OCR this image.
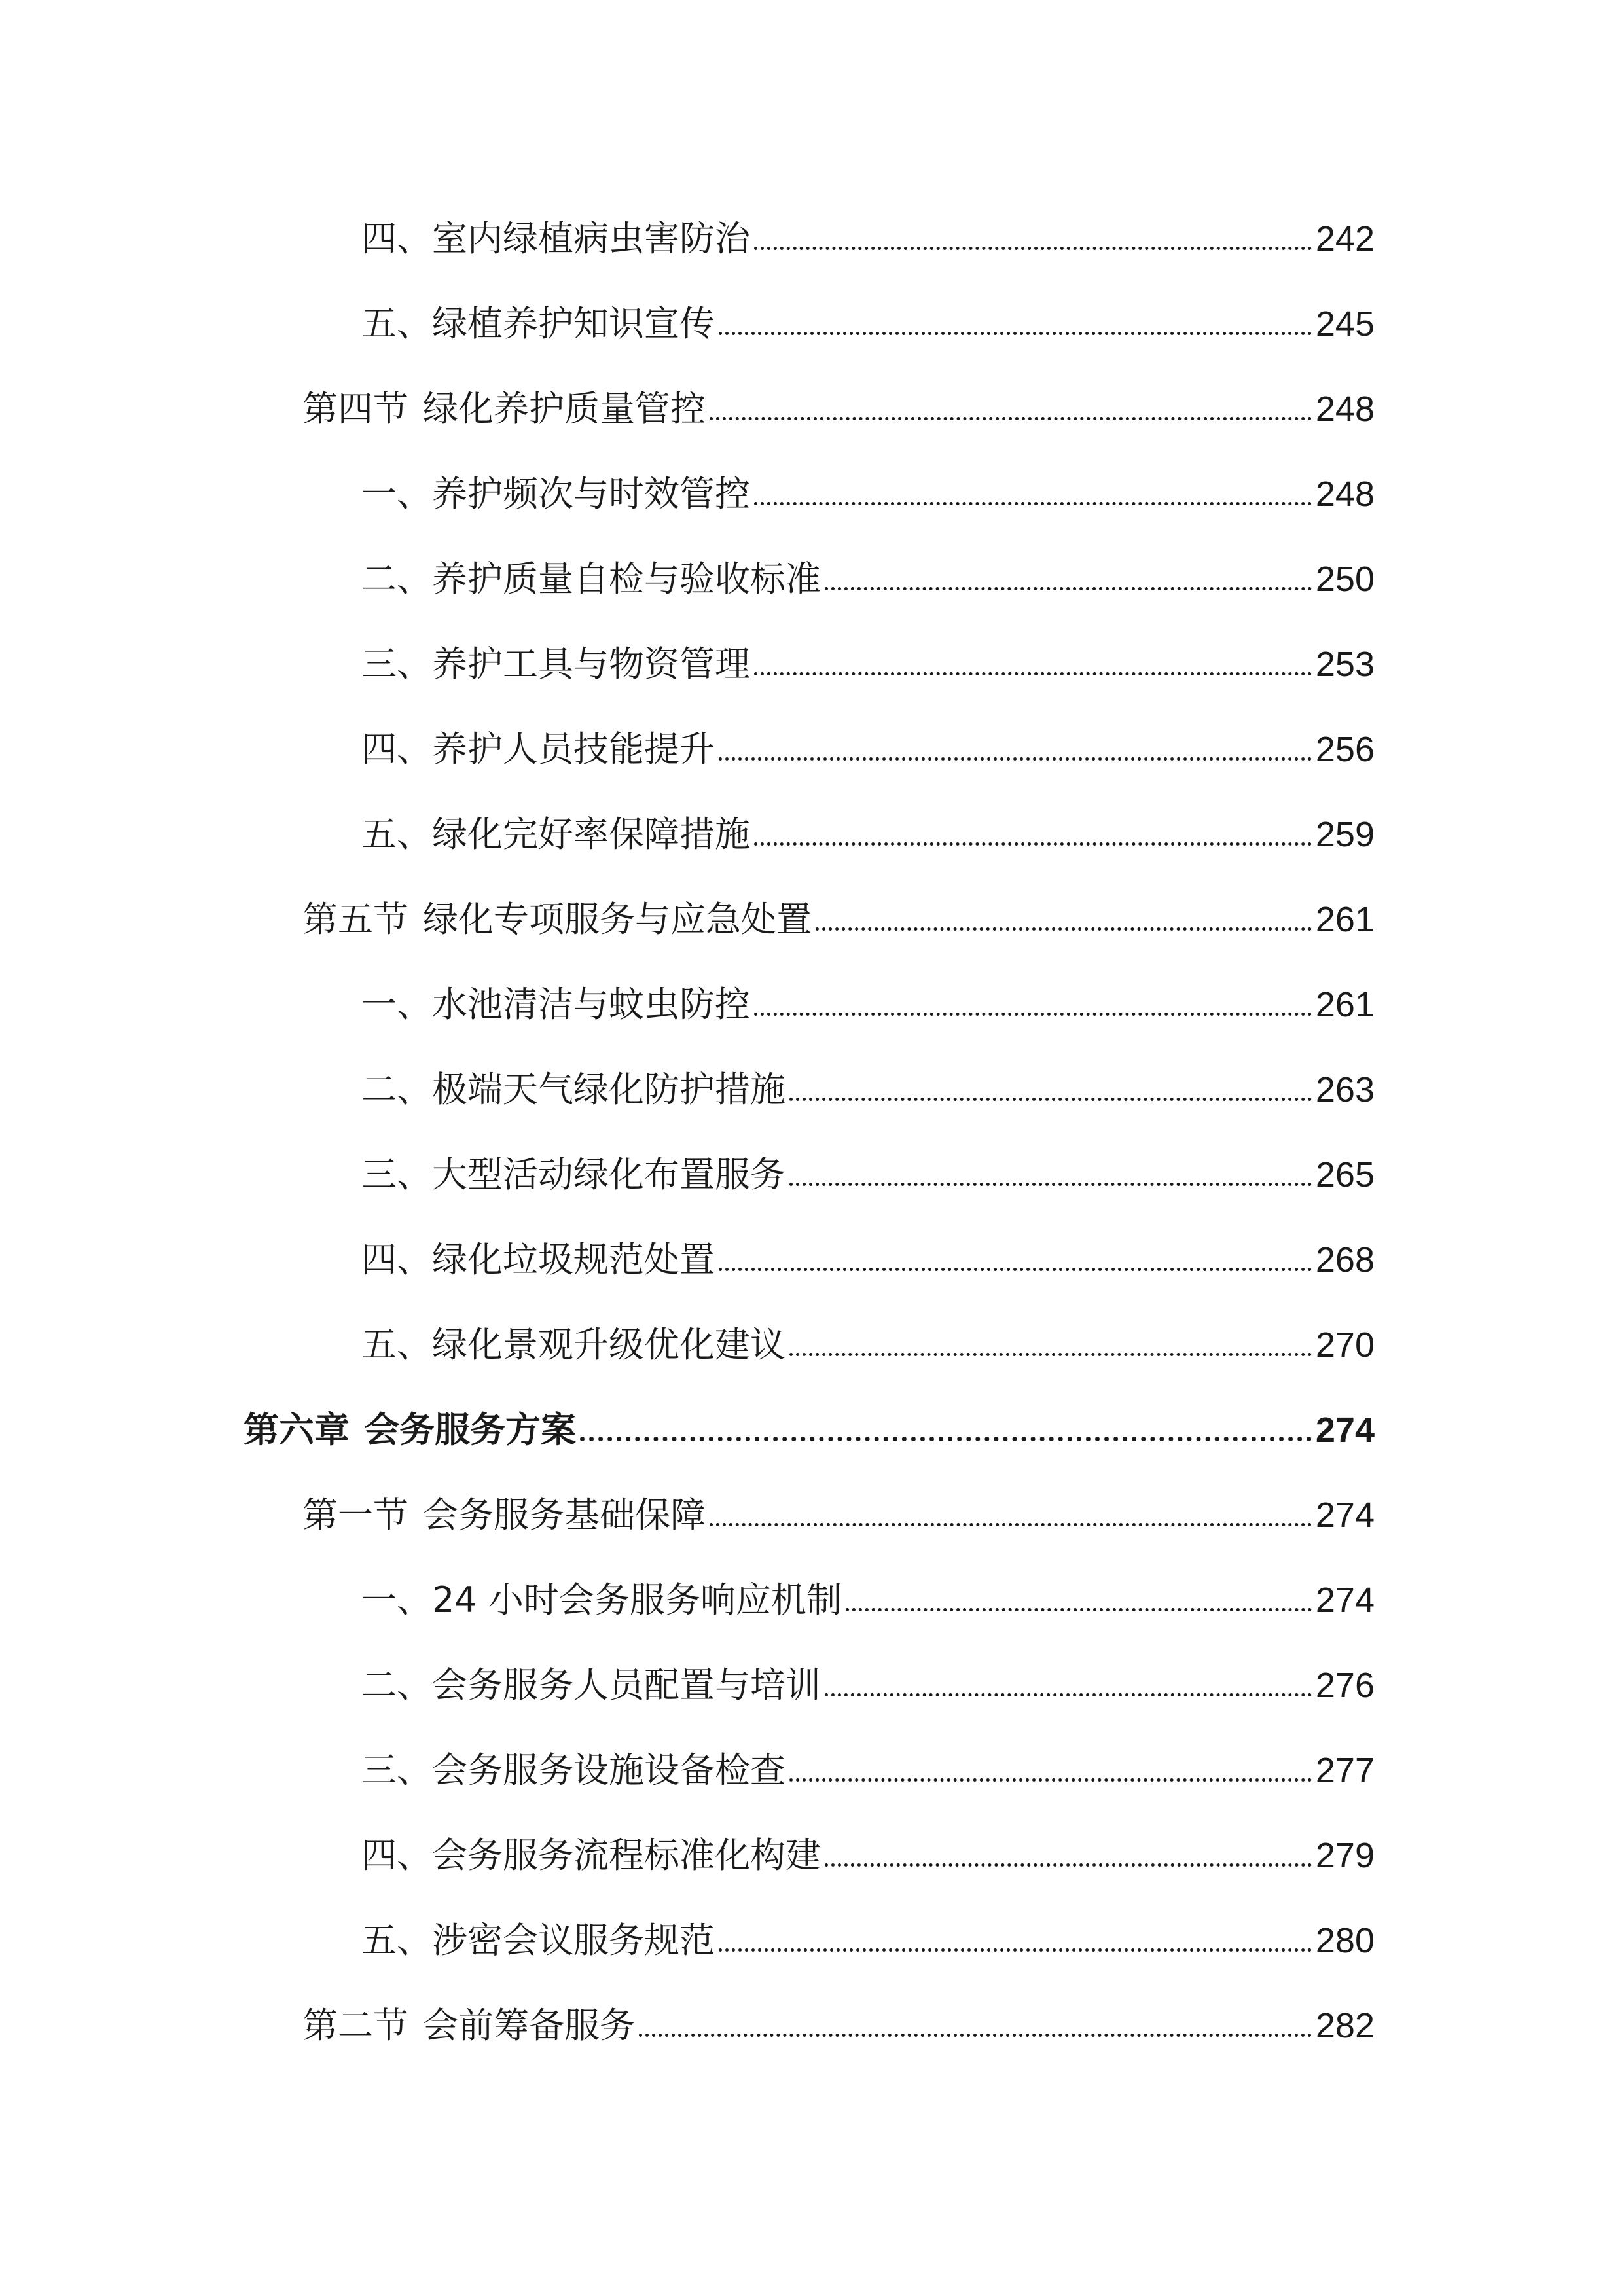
四、室内绿植病虫害防治	242
五、绿植养护知识宣传	245
第四节 绿化养护质量管控	248
一、养护频次与时效管控	248
二、养护质量自检与验收标准	250
三、养护工具与物资管理	253
四、养护人员技能提升	256
五、绿化完好率保障措施	259
第五节 绿化专项服务与应急处置	261
一、水池清洁与蚊虫防控	261
二、极端天气绿化防护措施	263
三、大型活动绿化布置服务	265
四、绿化垃圾规范处置	268
五、绿化景观升级优化建议	270
第六章 会务服务方案	274
第一节 会务服务基础保障	274
一、24 小时会务服务响应机制	274
二、会务服务人员配置与培训	276
三、会务服务设施设备检查	277
四、会务服务流程标准化构建	279
五、涉密会议服务规范	280
第二节 会前筹备服务	282
